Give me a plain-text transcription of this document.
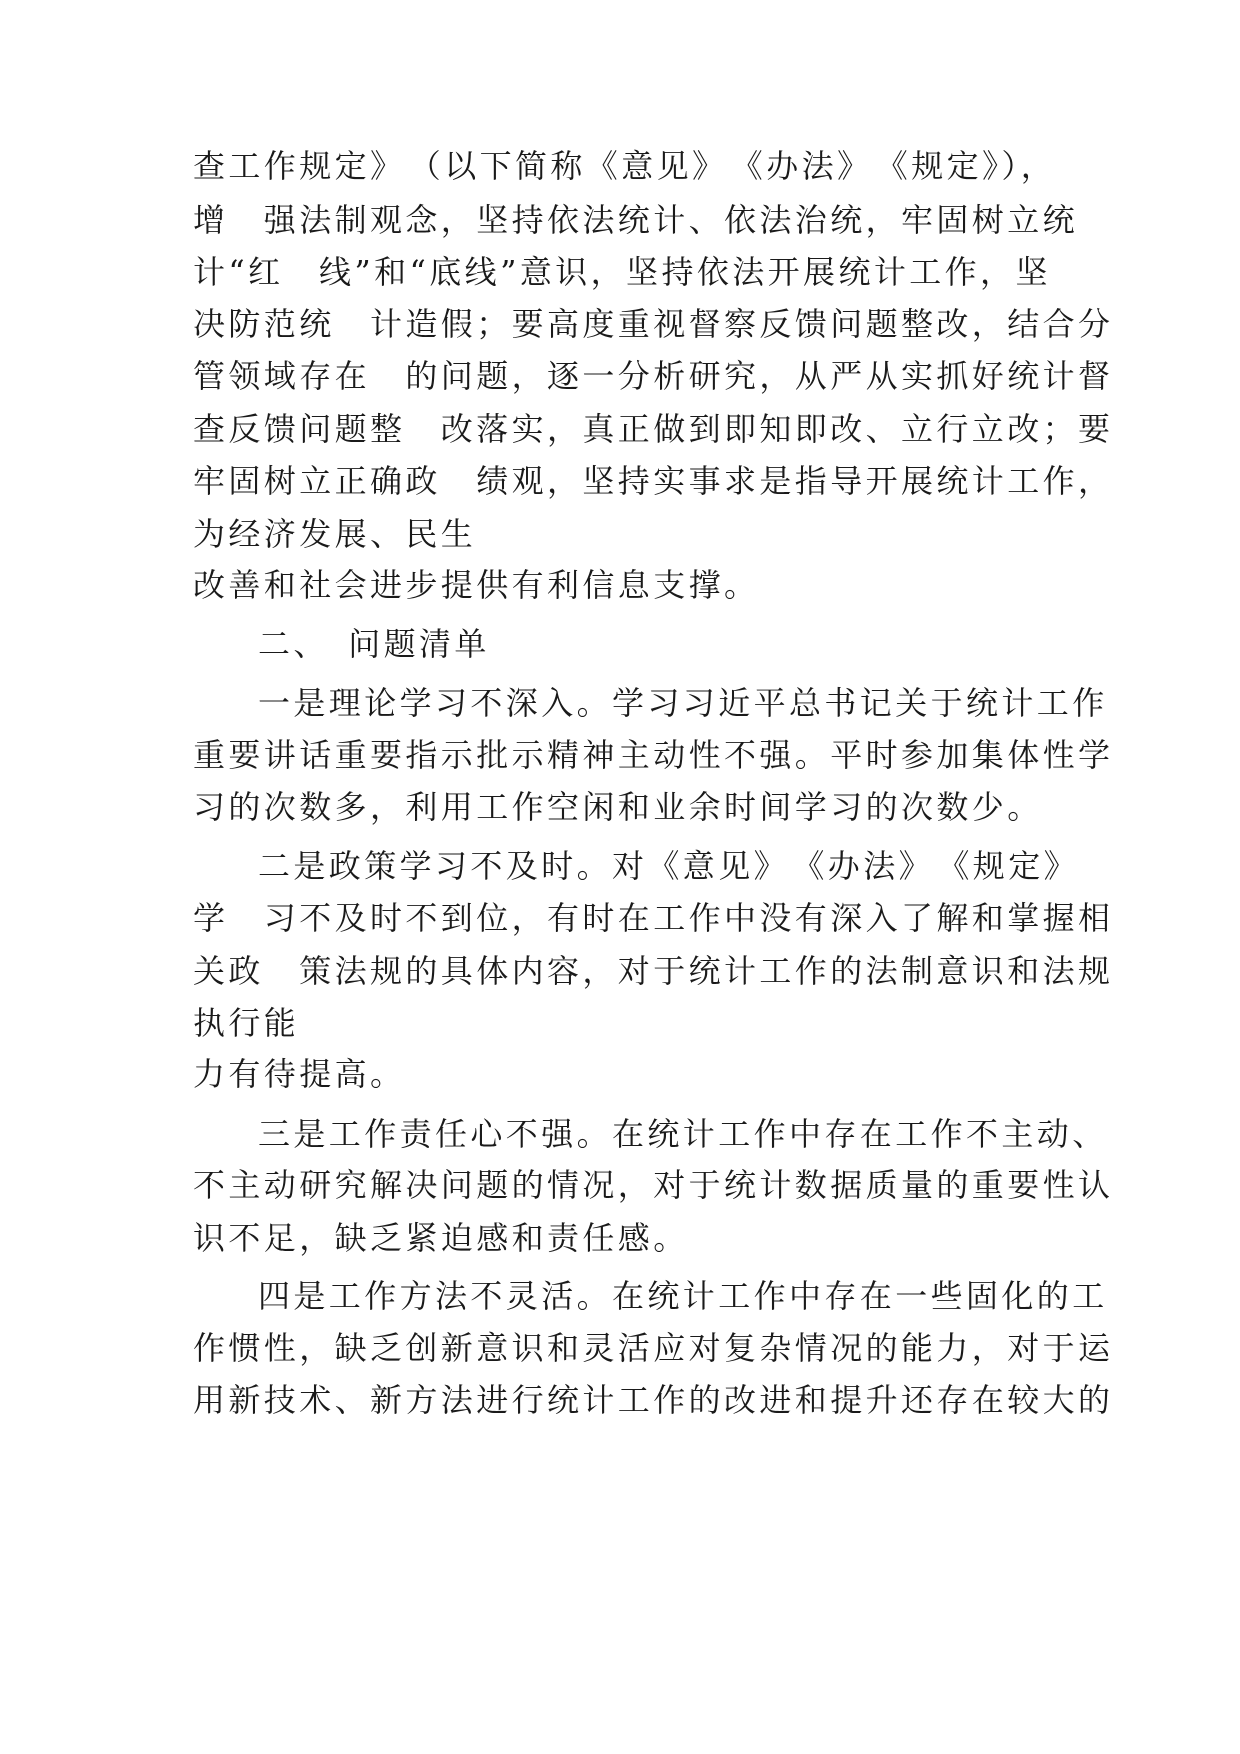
查工作规定》　（以下简称《意见》　《办法》　《规定》），
增　强法制观念，坚持依法统计、依法治统，牢固树立统
计“红　线”和“底线”意识，坚持依法开展统计工作，坚
决防范统　计造假；要高度重视督察反馈问题整改，结合分
管领域存在　的问题，逐一分析研究，从严从实抓好统计督
查反馈问题整　改落实，真正做到即知即改、立行立改；要
牢固树立正确政　绩观，坚持实事求是指导开展统计工作，
为经济发展、民生
改善和社会进步提供有利信息支撑。
二、　问题清单
一是理论学习不深入。学习习近平总书记关于统计工作
重要讲话重要指示批示精神主动性不强。平时参加集体性学
习的次数多，利用工作空闲和业余时间学习的次数少。
二是政策学习不及时。对《意见》　《办法》　《规定》
学　习不及时不到位，有时在工作中没有深入了解和掌握相
关政　策法规的具体内容，对于统计工作的法制意识和法规
执行能
力有待提高。
三是工作责任心不强。在统计工作中存在工作不主动、
不主动研究解决问题的情况，对于统计数据质量的重要性认
识不足，缺乏紧迫感和责任感。
四是工作方法不灵活。在统计工作中存在一些固化的工
作惯性，缺乏创新意识和灵活应对复杂情况的能力，对于运
用新技术、新方法进行统计工作的改进和提升还存在较大的
